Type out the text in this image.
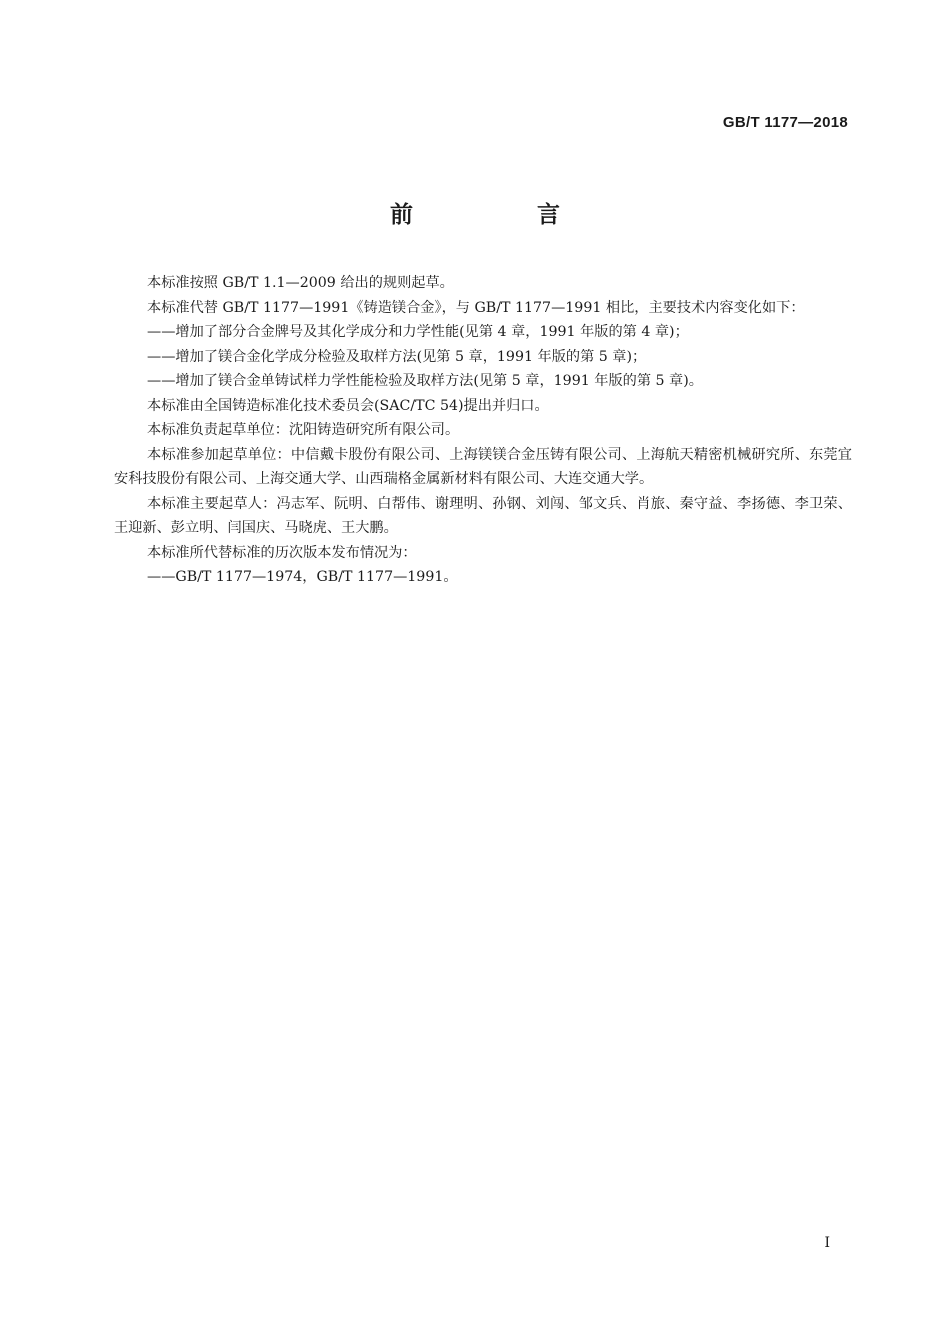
GB/T 1177—2018
前 言

本标准按照 GB/T 1.1—2009 给出的规则起草。

本标准代替 GB/T 1177—1991《铸造镁合金》，与 GB/T 1177—1991 相比，主要技术内容变化如下：

——增加了部分合金牌号及其化学成分和力学性能(见第 4 章，1991 年版的第 4 章)；

——增加了镁合金化学成分检验及取样方法(见第 5 章，1991 年版的第 5 章)；

——增加了镁合金单铸试样力学性能检验及取样方法(见第 5 章，1991 年版的第 5 章)。

本标准由全国铸造标准化技术委员会(SAC/TC 54)提出并归口。

本标准负责起草单位：沈阳铸造研究所有限公司。

本标准参加起草单位：中信戴卡股份有限公司、上海镁镁合金压铸有限公司、上海航天精密机械研究所、东莞宜安科技股份有限公司、上海交通大学、山西瑞格金属新材料有限公司、大连交通大学。

本标准主要起草人：冯志军、阮明、白帮伟、谢理明、孙钢、刘闯、邹文兵、肖旅、秦守益、李扬德、李卫荣、王迎新、彭立明、闫国庆、马晓虎、王大鹏。

本标准所代替标准的历次版本发布情况为：

——GB/T 1177—1974，GB/T 1177—1991。

I
